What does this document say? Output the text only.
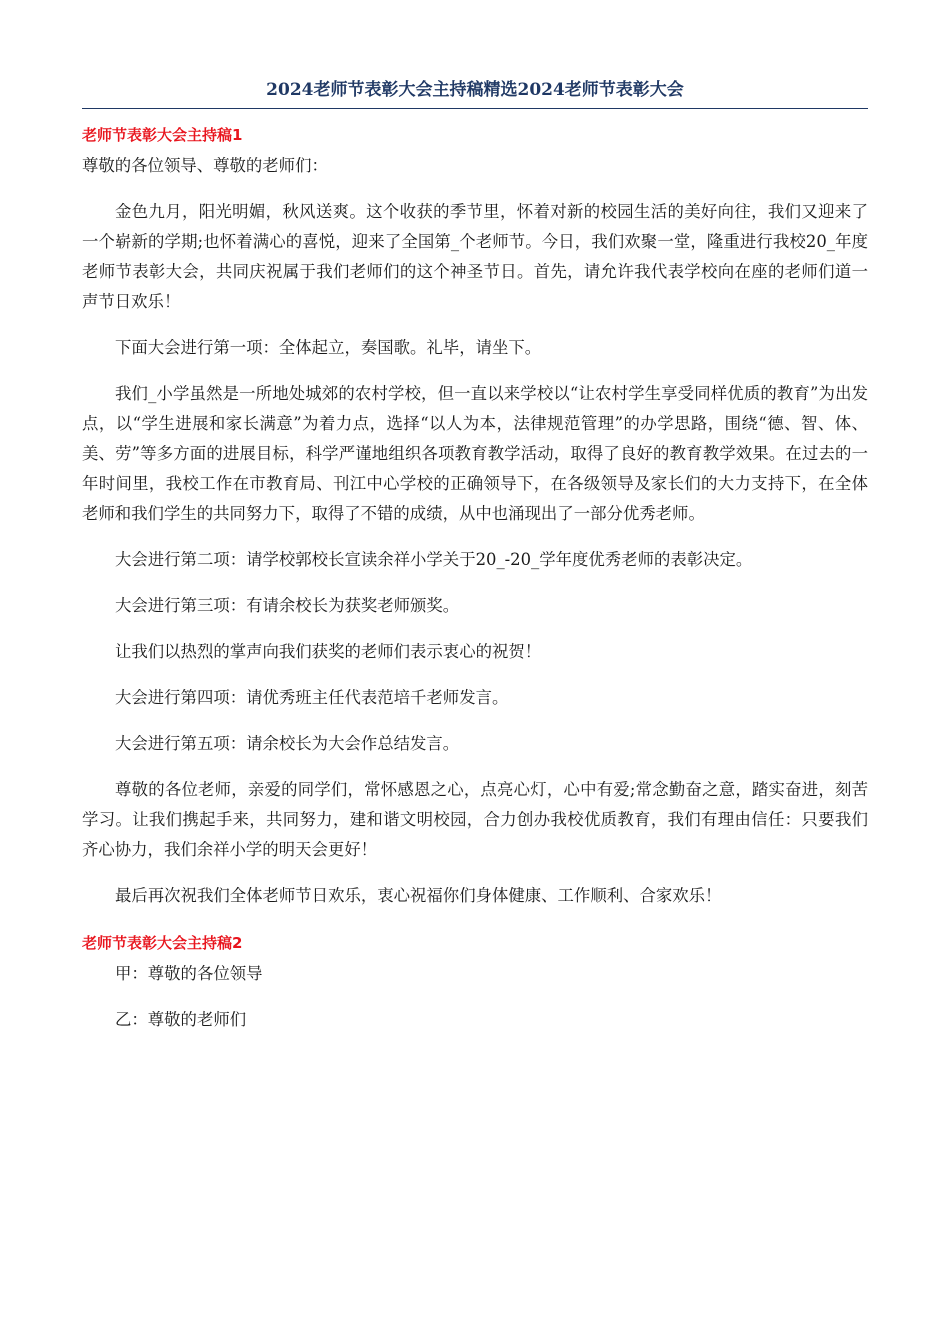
2024老师节表彰大会主持稿精选2024老师节表彰大会
老师节表彰大会主持稿1

尊敬的各位领导、尊敬的老师们：

金色九月，阳光明媚，秋风送爽。这个收获的季节里，怀着对新的校园生活的美好向往，我们又迎来了一个崭新的学期;也怀着满心的喜悦，迎来了全国第_个老师节。今日，我们欢聚一堂，隆重进行我校20_年度老师节表彰大会，共同庆祝属于我们老师们的这个神圣节日。首先，请允许我代表学校向在座的老师们道一声节日欢乐！

下面大会进行第一项：全体起立，奏国歌。礼毕，请坐下。

我们_小学虽然是一所地处城郊的农村学校，但一直以来学校以“让农村学生享受同样优质的教育”为出发点，以“学生进展和家长满意”为着力点，选择“以人为本，法律规范管理”的办学思路，围绕“德、智、体、美、劳”等多方面的进展目标，科学严谨地组织各项教育教学活动，取得了良好的教育教学效果。在过去的一年时间里，我校工作在市教育局、刊江中心学校的正确领导下，在各级领导及家长们的大力支持下，在全体老师和我们学生的共同努力下，取得了不错的成绩，从中也涌现出了一部分优秀老师。

大会进行第二项：请学校郭校长宣读余祥小学关于20_-20_学年度优秀老师的表彰决定。

大会进行第三项：有请余校长为获奖老师颁奖。

让我们以热烈的掌声向我们获奖的老师们表示衷心的祝贺！

大会进行第四项：请优秀班主任代表范培千老师发言。

大会进行第五项：请余校长为大会作总结发言。

尊敬的各位老师，亲爱的同学们，常怀感恩之心，点亮心灯，心中有爱;常念勤奋之意，踏实奋进，刻苦学习。让我们携起手来，共同努力，建和谐文明校园，合力创办我校优质教育，我们有理由信任：只要我们齐心协力，我们余祥小学的明天会更好！

最后再次祝我们全体老师节日欢乐，衷心祝福你们身体健康、工作顺利、合家欢乐！

老师节表彰大会主持稿2

甲：尊敬的各位领导

乙：尊敬的老师们
